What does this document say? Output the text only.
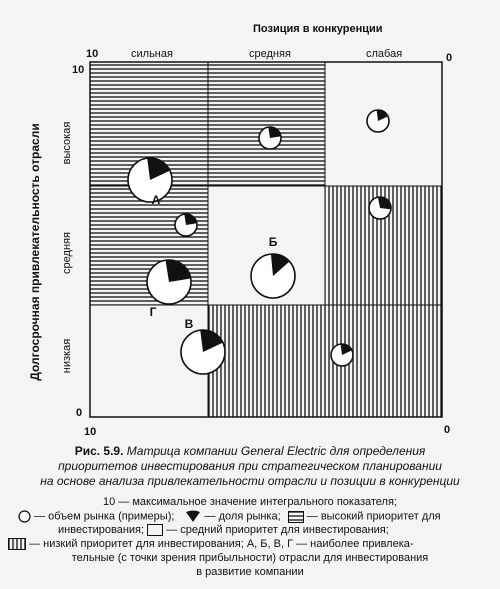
А
Б
Г
В
Позиция в конкуренции
10	сильная	средняя	слабая	0
10
0
Долгосрочная привлекательность отрасли высокая
средняя
низкая
10	0
Рис. 5.9. Матрица компании General Electric для определения
приоритетов инвестирования при стратегическом планировании
на основе анализа привлекательности отрасли и позиции в конкуренции
10 — максимальное значение интегрального показателя;
— объем рынка (примеры);	— доля рынка; — высокий приоритет для
инвестирования; — средний приоритет для инвестирования;
— низкий приоритет для инвестирования; А, Б, В, Г — наиболее привлека-
тельные (с точки зрения прибыльности) отрасли для инвестирования
в развитие компании
